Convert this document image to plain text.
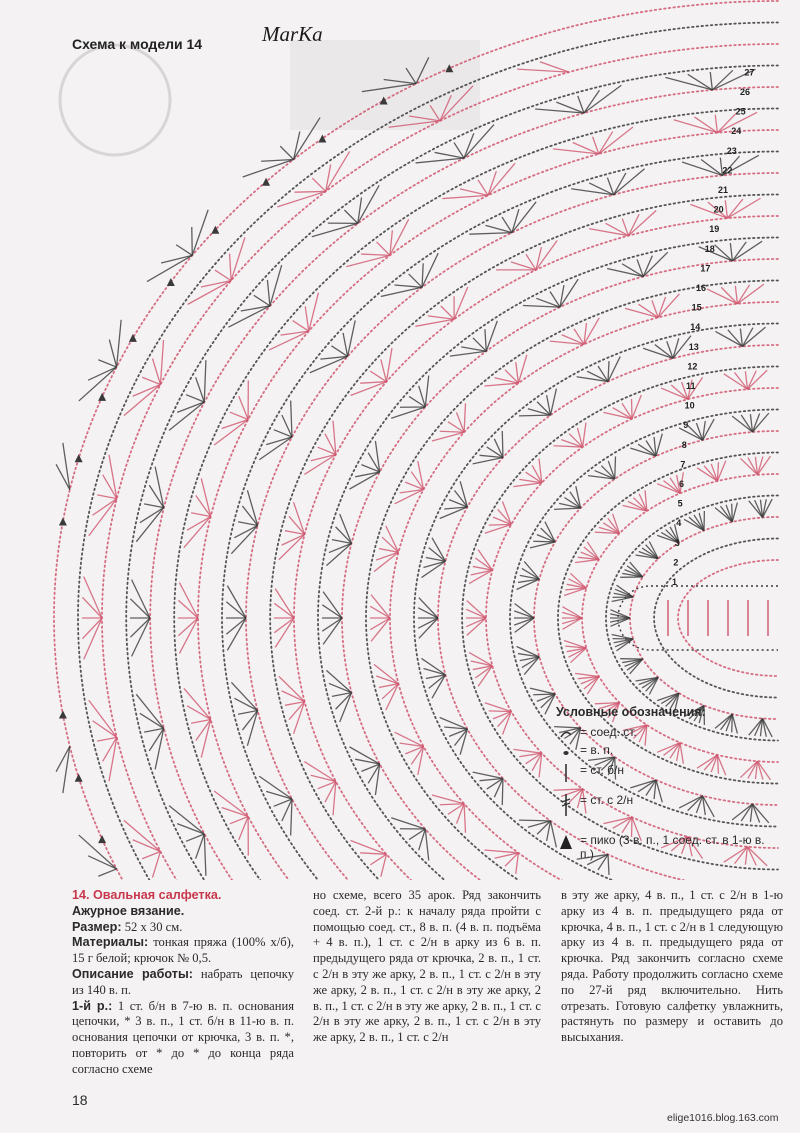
Схема к модели 14	MarKa
1
2
3
4
5
6
7
8
9
10
11
12
13
14
15
16
17
18
19
20
21
22
23
24
25
26
27
Условные обозначения:
= соед. ст.
= в. п.
= ст. б/н
= ст. с 2/н
= пико (3 в. п., 1 соед. ст. в 1-ю в. п.)

14. Овальная салфетка.

Ажурное вязание.

Размер: 52 х 30 см.

Материалы: тонкая пряжа (100% х/б), 15 г белой; крючок № 0,5.

Описание работы: набрать цепочку из 140 в. п.

1-й р.: 1 ст. б/н в 7-ю в. п. основания цепочки, * 3 в. п., 1 ст. б/н в 11-ю в. п. основания цепочки от крючка, 3 в. п. *, повторить от * до * до конца ряда согласно схеме

но схеме, всего 35 арок. Ряд закончить соед. ст. 2-й р.: к началу ряда пройти с помощью соед. ст., 8 в. п. (4 в. п. подъёма + 4 в. п.), 1 ст. с 2/н в арку из 6 в. п. предыдущего ряда от крючка, 2 в. п., 1 ст. с 2/н в эту же арку, 2 в. п., 1 ст. с 2/н в эту же арку, 2 в. п., 1 ст. с 2/н в эту же арку, 2 в. п., 1 ст. с 2/н в эту же арку, 2 в. п., 1 ст. с 2/н в эту же арку, 2 в. п., 1 ст. с 2/н в эту же арку, 2 в. п., 1 ст. с 2/н

в эту же арку, 4 в. п., 1 ст. с 2/н в 1-ю арку из 4 в. п. предыдущего ряда от крючка, 4 в. п., 1 ст. с 2/н в 1 следующую арку из 4 в. п. предыдущего ряда от крючка. Ряд закончить согласно схеме ряда. Работу продолжить согласно схеме по 27-й ряд включительно. Нить отрезать. Готовую салфетку увлажнить, растянуть по размеру и оставить до высыхания.

18
elige1016.blog.163.com
